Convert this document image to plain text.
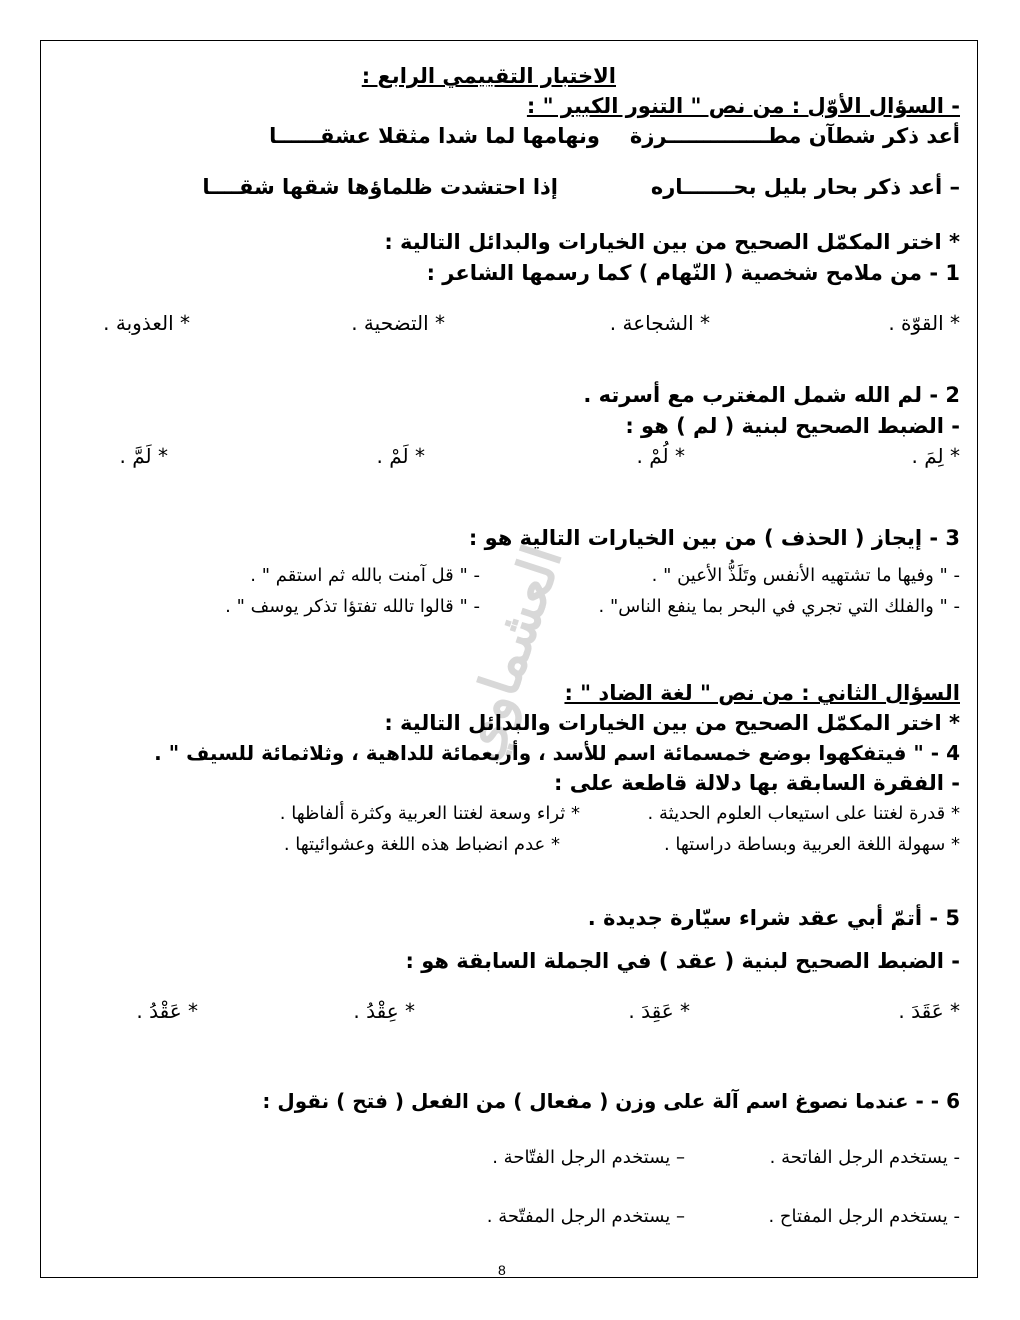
العشماوي
الاختبار التقييمي الرابع :
- السؤال الأوّل : من نص " التنور الكبير " :
أعد ذكر شطآن مطــــــــــــــرزة
ونهامها لما شدا مثقلا عشقــــــا
– أعد ذكر بحار بليل بحـــــــاره
إذا احتشدت ظلماؤها شقها شقــــا
* اختر المكمّل الصحيح من بين الخيارات والبدائل التالية :
1 - من ملامح شخصية ( النّهام ) كما رسمها الشاعر :
* القوّة .
* الشجاعة .
* التضحية .
* العذوبة .
2 - لم الله شمل المغترب مع أسرته .
- الضبط الصحيح لبنية ( لم ) هو :
* لِمَ .
* لُمْ .
* لَمْ .
* لَمَّ .
3 - إيجاز ( الحذف ) من بين الخيارات التالية هو :
- " وفيها ما تشتهيه الأنفس وتَلَذُّ الأعين " .
- " قل آمنت بالله ثم استقم " .
- " والفلك التي تجري في البحر بما ينفع الناس" .
- " قالوا تالله تفتؤا تذكر يوسف " .
السؤال الثاني : من نص " لغة الضاد " :
* اختر المكمّل الصحيح من بين الخيارات والبدائل التالية :
4 - " فيتفكهوا بوضع خمسمائة اسم للأسد ، وأربعمائة للداهية ، وثلاثمائة للسيف " .
- الفقرة السابقة بها دلالة قاطعة على :
* قدرة لغتنا على استيعاب العلوم الحديثة .
* ثراء وسعة لغتنا العربية وكثرة ألفاظها .
* سهولة اللغة العربية وبساطة دراستها .
* عدم انضباط هذه اللغة وعشوائيتها .
5 - أتمّ أبي عقد شراء سيّارة جديدة .
- الضبط الصحيح لبنية ( عقد ) في الجملة السابقة هو :
* عَقَدَ .
* عَقِدَ .
* عِقْدُ .
* عَقْدُ .
6 - - عندما نصوغ اسم آلة على وزن ( مفعال ) من الفعل ( فتح ) نقول :
- يستخدم الرجل الفاتحة .
– يستخدم الرجل الفتّاحة .
- يستخدم الرجل المفتاح .
– يستخدم الرجل المفتّحة .
8
